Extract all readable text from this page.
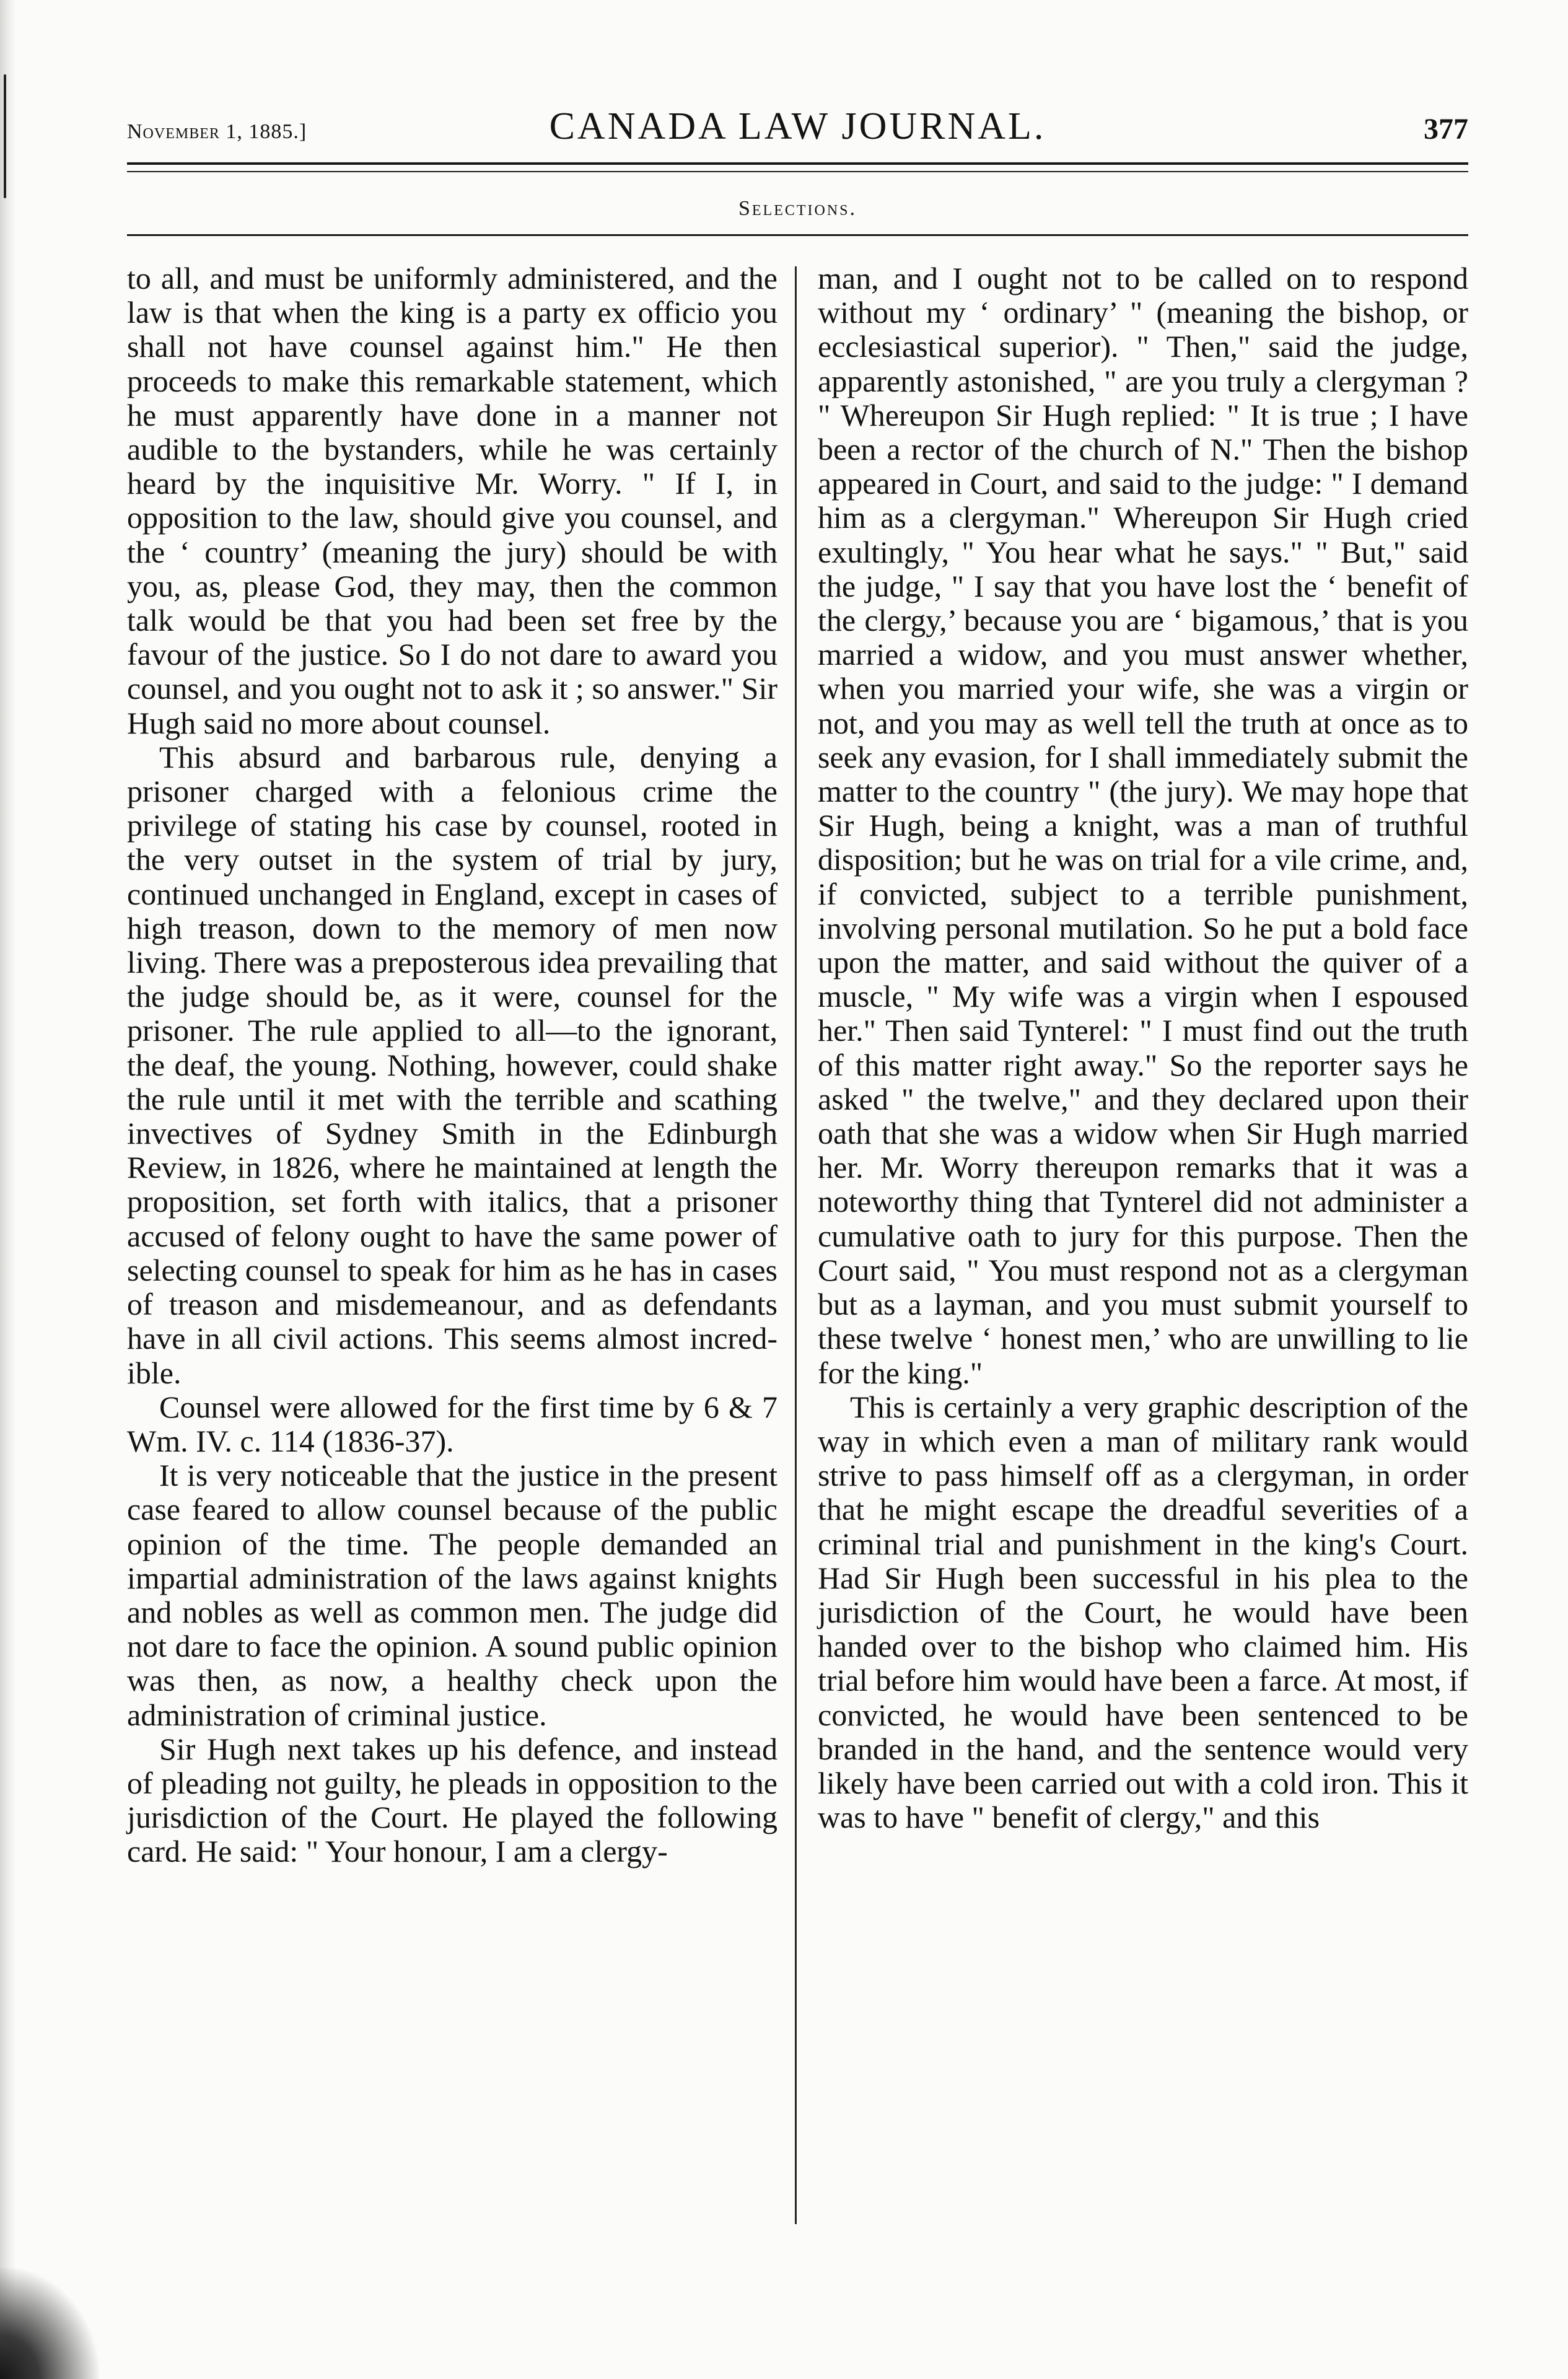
November 1, 1885.]	CANADA LAW JOURNAL.	377
Selections.

to all, and must be uniformly administered, and the law is that when the king is a party ex officio you shall not have counsel against him." He then proceeds to make this remarkable statement, which he must apparently have done in a manner not audible to the bystanders, while he was certainly heard by the inquisitive Mr. Worry. " If I, in opposition to the law, should give you counsel, and the ‘ country’ (meaning the jury) should be with you, as, please God, they may, then the common talk would be that you had been set free by the favour of the justice. So I do not dare to award you counsel, and you ought not to ask it ; so answer." Sir Hugh said no more about counsel.

This absurd and barbarous rule, denying a prisoner charged with a felonious crime the privilege of stating his case by counsel, rooted in the very outset in the system of trial by jury, continued unchanged in England, except in cases of high treason, down to the memory of men now living. There was a preposterous idea prevailing that the judge should be, as it were, counsel for the prisoner. The rule applied to all—to the ignorant, the deaf, the young. Nothing, however, could shake the rule until it met with the terrible and scathing invectives of Sydney Smith in the Edinburgh Review, in 1826, where he maintained at length the proposition, set forth with italics, that a prisoner accused of felony ought to have the same power of selecting counsel to speak for him as he has in cases of treason and misdemeanour, and as defendants have in all civil actions. This seems almost incredible.

Counsel were allowed for the first time by 6 & 7 Wm. IV. c. 114 (1836-37).

It is very noticeable that the justice in the present case feared to allow counsel because of the public opinion of the time. The people demanded an impartial administration of the laws against knights and nobles as well as common men. The judge did not dare to face the opinion. A sound public opinion was then, as now, a healthy check upon the administration of criminal justice.

Sir Hugh next takes up his defence, and instead of pleading not guilty, he pleads in opposition to the jurisdiction of the Court. He played the following card. He said: " Your honour, I am a clergy-

man, and I ought not to be called on to respond without my ‘ ordinary’ " (meaning the bishop, or ecclesiastical superior). " Then," said the judge, apparently astonished, " are you truly a clergyman ? " Whereupon Sir Hugh replied: " It is true ; I have been a rector of the church of N." Then the bishop appeared in Court, and said to the judge: " I demand him as a clergyman." Whereupon Sir Hugh cried exultingly, " You hear what he says." " But," said the judge, " I say that you have lost the ‘ benefit of the clergy,’ because you are ‘ bigamous,’ that is you married a widow, and you must answer whether, when you married your wife, she was a virgin or not, and you may as well tell the truth at once as to seek any evasion, for I shall immediately submit the matter to the country " (the jury). We may hope that Sir Hugh, being a knight, was a man of truthful disposition; but he was on trial for a vile crime, and, if convicted, subject to a terrible punishment, involving personal mutilation. So he put a bold face upon the matter, and said without the quiver of a muscle, " My wife was a virgin when I espoused her." Then said Tynterel: " I must find out the truth of this matter right away." So the reporter says he asked " the twelve," and they declared upon their oath that she was a widow when Sir Hugh married her. Mr. Worry thereupon remarks that it was a noteworthy thing that Tynterel did not administer a cumulative oath to jury for this purpose. Then the Court said, " You must respond not as a clergyman but as a layman, and you must submit yourself to these twelve ‘ honest men,’ who are unwilling to lie for the king."

This is certainly a very graphic description of the way in which even a man of military rank would strive to pass himself off as a clergyman, in order that he might escape the dreadful severities of a criminal trial and punishment in the king's Court. Had Sir Hugh been successful in his plea to the jurisdiction of the Court, he would have been handed over to the bishop who claimed him. His trial before him would have been a farce. At most, if convicted, he would have been sentenced to be branded in the hand, and the sentence would very likely have been carried out with a cold iron. This it was to have " benefit of clergy," and this
